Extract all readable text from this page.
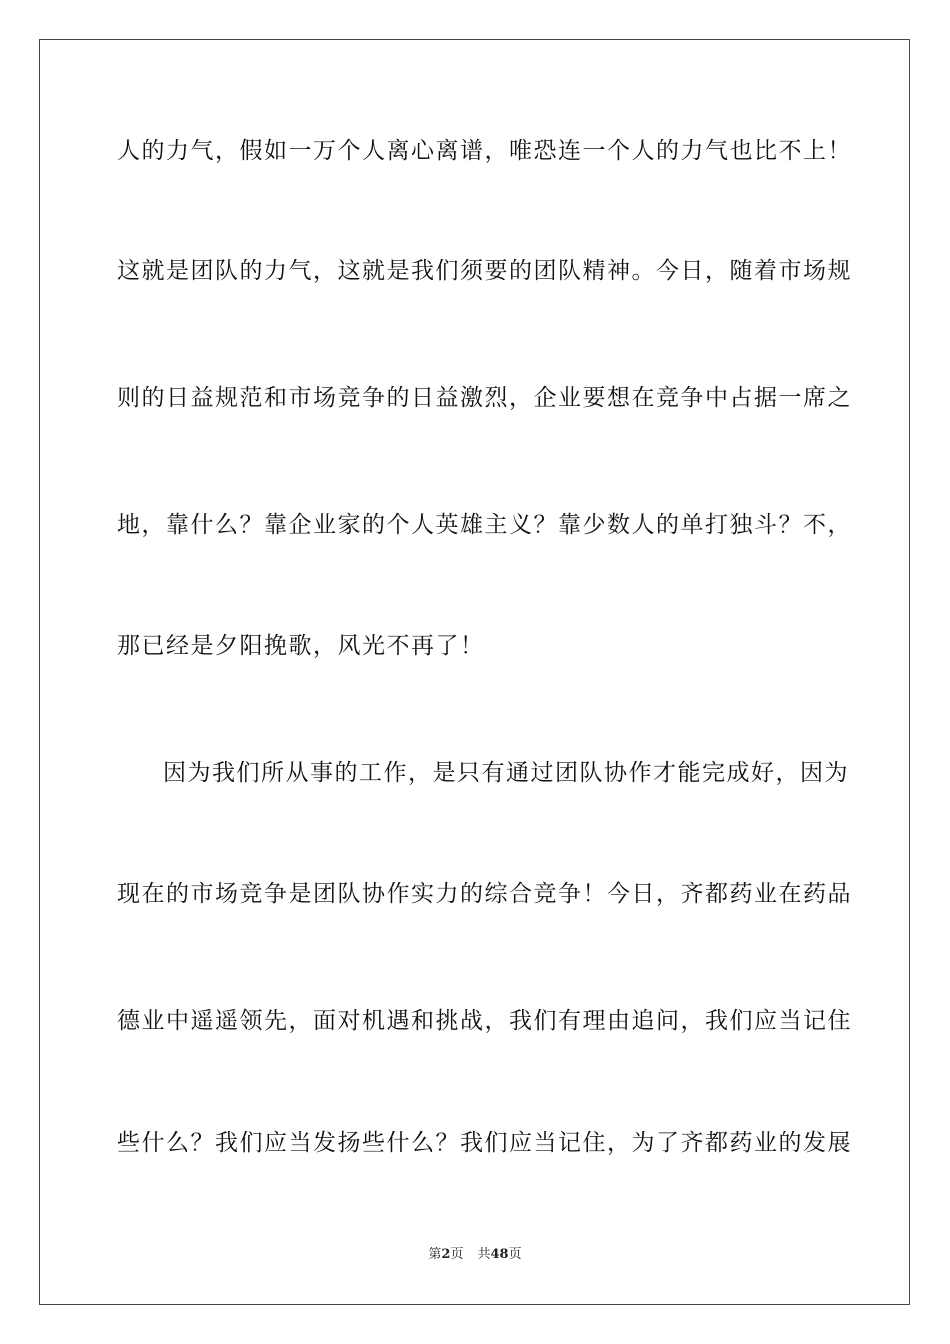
人的力气，假如一万个人离心离谱，唯恐连一个人的力气也比不上！
这就是团队的力气，这就是我们须要的团队精神。今日，随着市场规
则的日益规范和市场竞争的日益激烈，企业要想在竞争中占据一席之
地，靠什么？靠企业家的个人英雄主义？靠少数人的单打独斗？不，
那已经是夕阳挽歌，风光不再了！
因为我们所从事的工作，是只有通过团队协作才能完成好，因为
现在的市场竞争是团队协作实力的综合竞争！今日，齐都药业在药品
德业中遥遥领先，面对机遇和挑战，我们有理由追问，我们应当记住
些什么？我们应当发扬些什么？我们应当记住，为了齐都药业的发展
第2页 共48页
